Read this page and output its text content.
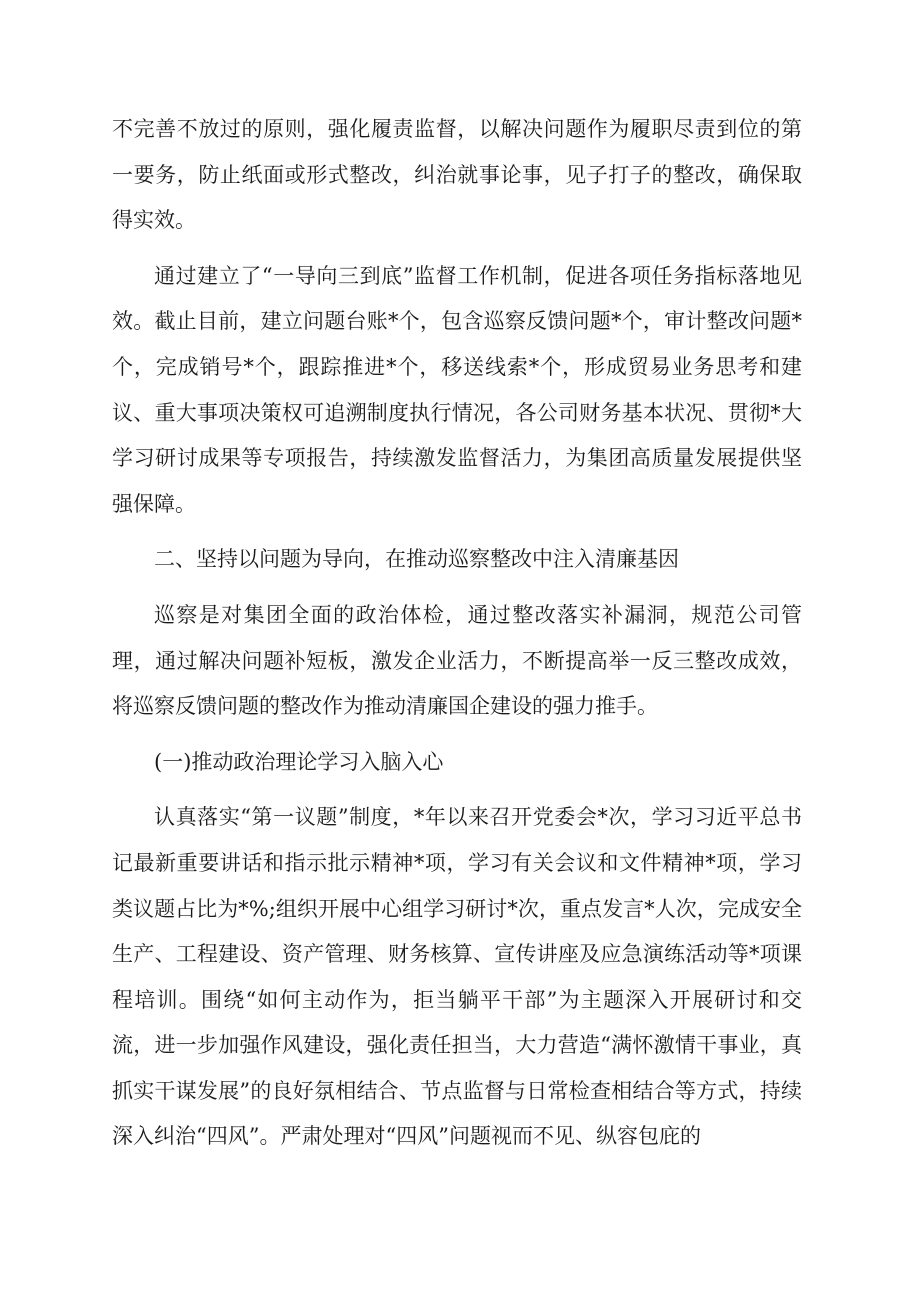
不完善不放过的原则，强化履责监督，以解决问题作为履职尽责到位的第一要务，防止纸面或形式整改，纠治就事论事，见子打子的整改，确保取得实效。

通过建立了“一导向三到底”监督工作机制，促进各项任务指标落地见效。截止目前，建立问题台账*个，包含巡察反馈问题*个，审计整改问题*个，完成销号*个，跟踪推进*个，移送线索*个，形成贸易业务思考和建议、重大事项决策权可追溯制度执行情况，各公司财务基本状况、贯彻*大学习研讨成果等专项报告，持续激发监督活力，为集团高质量发展提供坚强保障。

二、坚持以问题为导向，在推动巡察整改中注入清廉基因

巡察是对集团全面的政治体检，通过整改落实补漏洞，规范公司管理，通过解决问题补短板，激发企业活力，不断提高举一反三整改成效，将巡察反馈问题的整改作为推动清廉国企建设的强力推手。

(一)推动政治理论学习入脑入心

认真落实“第一议题”制度，*年以来召开党委会*次，学习习近平总书记最新重要讲话和指示批示精神*项，学习有关会议和文件精神*项，学习类议题占比为*%;组织开展中心组学习研讨*次，重点发言*人次，完成安全生产、工程建设、资产管理、财务核算、宣传讲座及应急演练活动等*项课程培训。围绕“如何主动作为，拒当躺平干部”为主题深入开展研讨和交流，进一步加强作风建设，强化责任担当，大力营造“满怀激情干事业，真抓实干谋发展”的良好氛相结合、节点监督与日常检查相结合等方式，持续深入纠治“四风”。严肃处理对“四风”问题视而不见、纵容包庇的
